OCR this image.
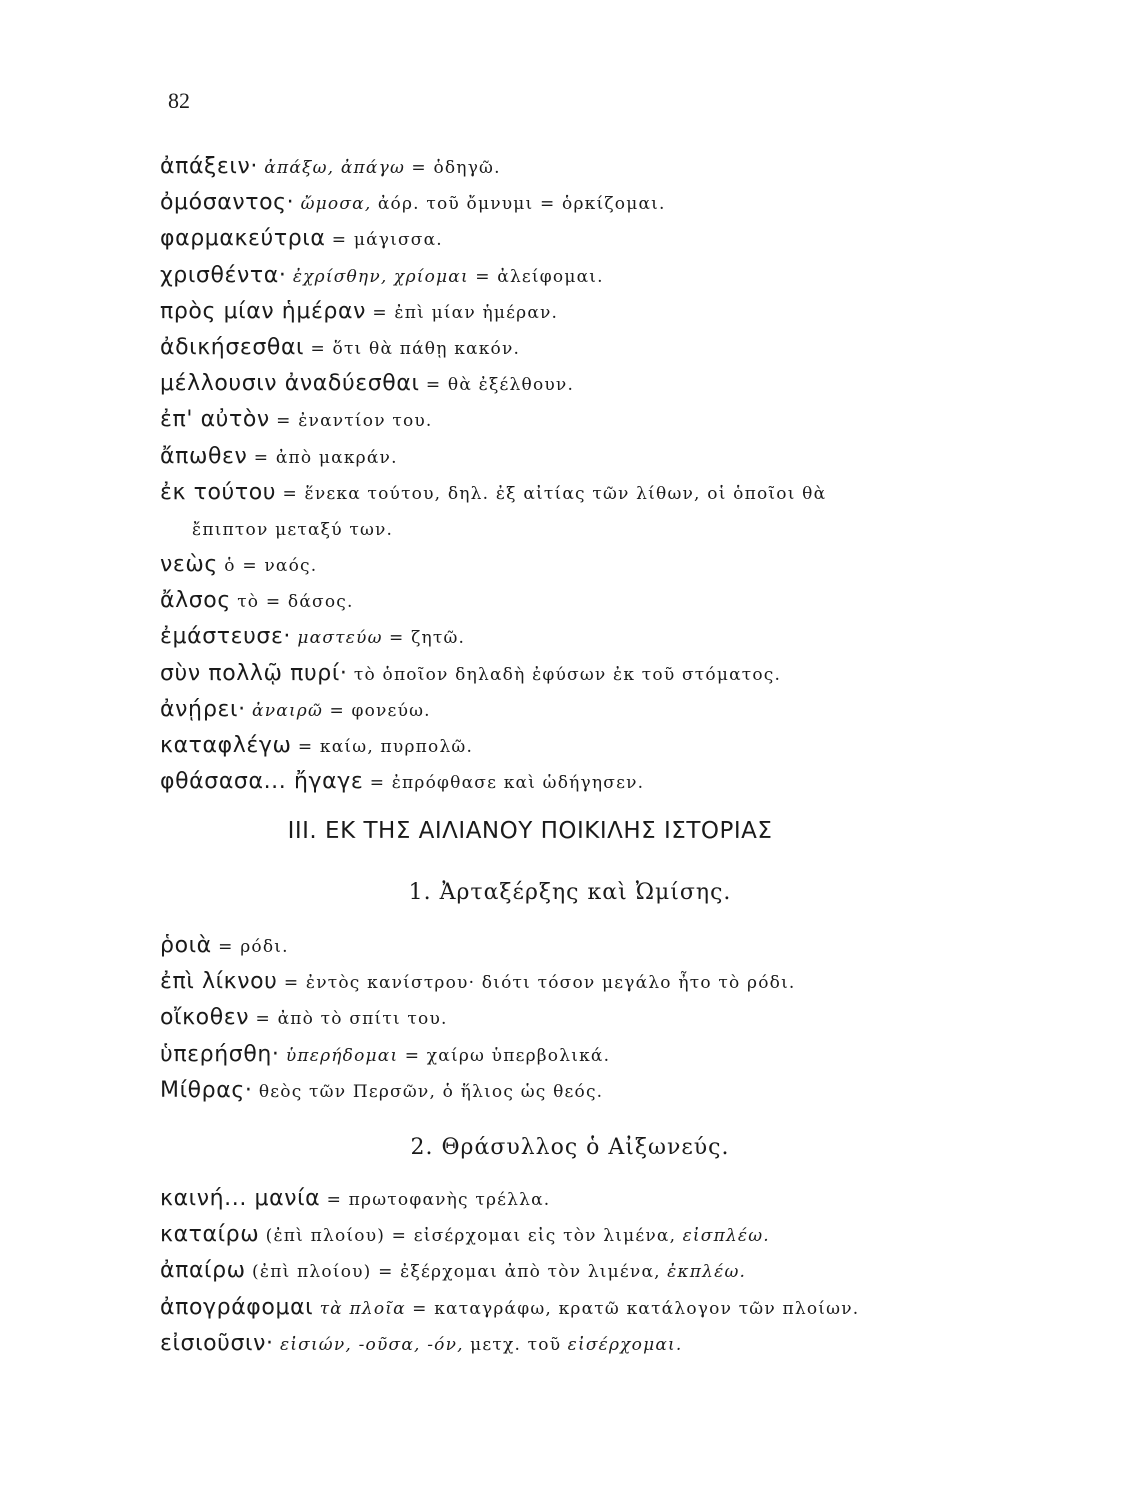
82
ἀπάξειν· ἀπάξω, ἀπάγω = ὁδηγῶ.
ὀμόσαντος· ὤμοσα, ἀόρ. τοῦ ὄμνυμι = ὁρκίζομαι.
φαρμακεύτρια = μάγισσα.
χρισθέντα· ἐχρίσθην, χρίομαι = ἀλείφομαι.
πρὸς μίαν ἡμέραν = ἐπὶ μίαν ἡμέραν.
ἀδικήσεσθαι = ὅτι θὰ πάθῃ κακόν.
μέλλουσιν ἀναδύεσθαι = θὰ ἐξέλθουν.
ἐπ' αὐτὸν = ἐναντίον του.
ἄπωθεν = ἀπὸ μακράν.
ἐκ τούτου = ἕνεκα τούτου, δηλ. ἐξ αἰτίας τῶν λίθων, οἱ ὁποῖοι θὰ
ἔπιπτον μεταξύ των.
νεὼς ὁ = ναός.
ἄλσος τὸ = δάσος.
ἐμάστευσε· μαστεύω = ζητῶ.
σὺν πολλῷ πυρί· τὸ ὁποῖον δηλαδὴ ἐφύσων ἐκ τοῦ στόματος.
ἀνῄρει· ἀναιρῶ = φονεύω.
καταφλέγω = καίω, πυρπολῶ.
φθάσασα... ἤγαγε = ἐπρόφθασε καὶ ὡδήγησεν.
III. ΕΚ ΤΗΣ ΑΙΛΙΑΝΟΥ ΠΟΙΚΙΛΗΣ ΙΣΤΟΡΙΑΣ
1. Ἀρταξέρξης καὶ Ὠμίσης.
ῥοιὰ = ρόδι.
ἐπὶ λίκνου = ἐντὸς κανίστρου· διότι τόσον μεγάλο ἦτο τὸ ρόδι.
οἴκοθεν = ἀπὸ τὸ σπίτι του.
ὑπερήσθη· ὑπερήδομαι = χαίρω ὑπερβολικά.
Μίθρας· θεὸς τῶν Περσῶν, ὁ ἥλιος ὡς θεός.
2. Θράσυλλος ὁ Αἰξωνεύς.
καινή... μανία = πρωτοφανὴς τρέλλα.
καταίρω (ἐπὶ πλοίου) = εἰσέρχομαι εἰς τὸν λιμένα, εἰσπλέω.
ἀπαίρω (ἐπὶ πλοίου) = ἐξέρχομαι ἀπὸ τὸν λιμένα, ἐκπλέω.
ἀπογράφομαι τὰ πλοῖα = καταγράφω, κρατῶ κατάλογον τῶν πλοίων.
εἰσιοῦσιν· εἰσιών, -οῦσα, -όν, μετχ. τοῦ εἰσέρχομαι.
